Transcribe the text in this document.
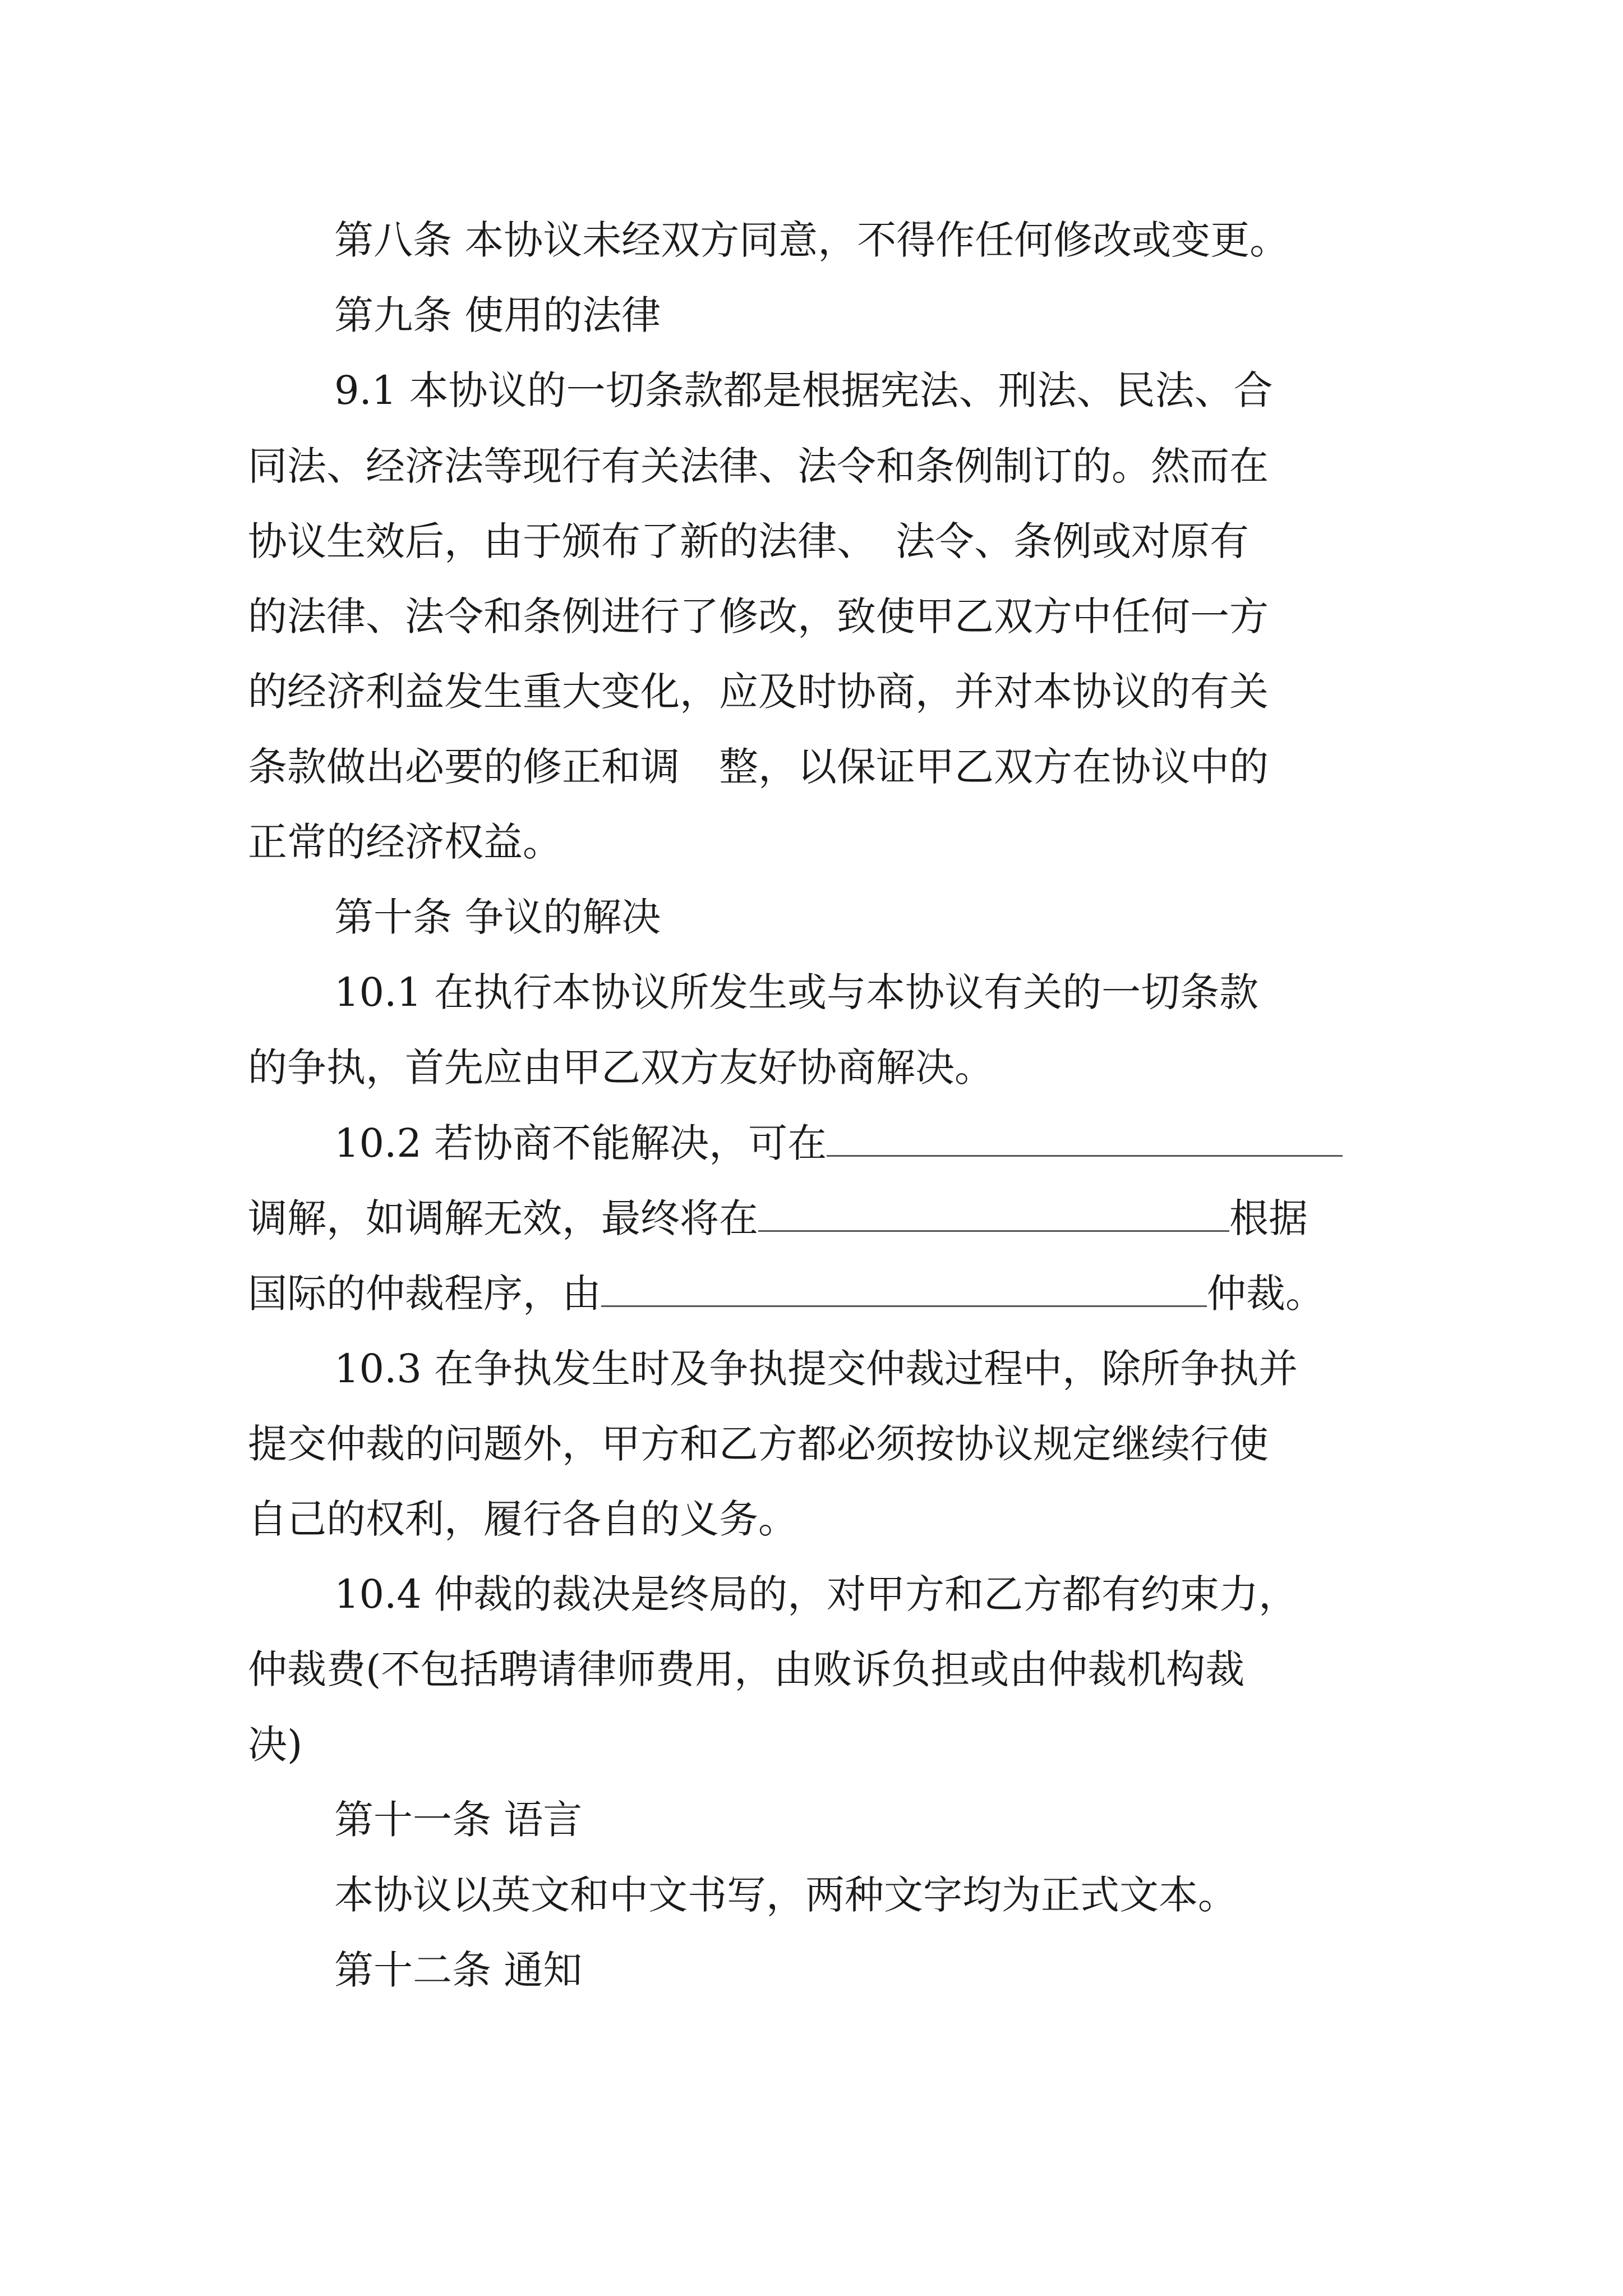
第八条 本协议未经双方同意，不得作任何修改或变更。
第九条 使用的法律
9.1 本协议的一切条款都是根据宪法、刑法、民法、合
同法、经济法等现行有关法律、法令和条例制订的。然而在
协议生效后，由于颁布了新的法律、　法令、条例或对原有
的法律、法令和条例进行了修改，致使甲乙双方中任何一方
的经济利益发生重大变化，应及时协商，并对本协议的有关
条款做出必要的修正和调　整，以保证甲乙双方在协议中的
正常的经济权益。
第十条 争议的解决
10.1 在执行本协议所发生或与本协议有关的一切条款
的争执，首先应由甲乙双方友好协商解决。
10.2 若协商不能解决，可在
调解，如调解无效，最终将在	根据
国际的仲裁程序，由	仲裁。
10.3 在争执发生时及争执提交仲裁过程中，除所争执并
提交仲裁的问题外，甲方和乙方都必须按协议规定继续行使
自己的权利，履行各自的义务。
10.4 仲裁的裁决是终局的，对甲方和乙方都有约束力，
仲裁费(不包括聘请律师费用，由败诉负担或由仲裁机构裁
决)
第十一条 语言
本协议以英文和中文书写，两种文字均为正式文本。
第十二条 通知
